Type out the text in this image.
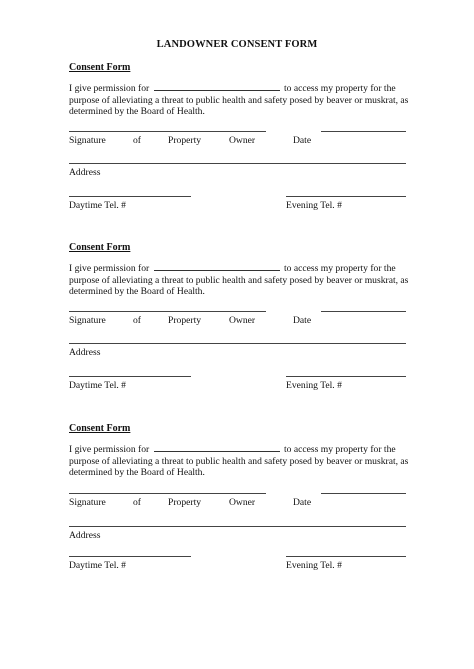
LANDOWNER CONSENT FORM
Consent Form
I give permission for	to access my property for the purpose of alleviating a threat to public health and safety posed by beaver or muskrat, as determined by the Board of Health.
Signature	of	Property	Owner	Date
Address
Daytime Tel. #	Evening Tel. #
Consent Form
I give permission for	to access my property for the purpose of alleviating a threat to public health and safety posed by beaver or muskrat, as determined by the Board of Health.
Signature	of	Property	Owner	Date
Address
Daytime Tel. #	Evening Tel. #
Consent Form
I give permission for	to access my property for the purpose of alleviating a threat to public health and safety posed by beaver or muskrat, as determined by the Board of Health.
Signature	of	Property	Owner	Date
Address
Daytime Tel. #	Evening Tel. #
